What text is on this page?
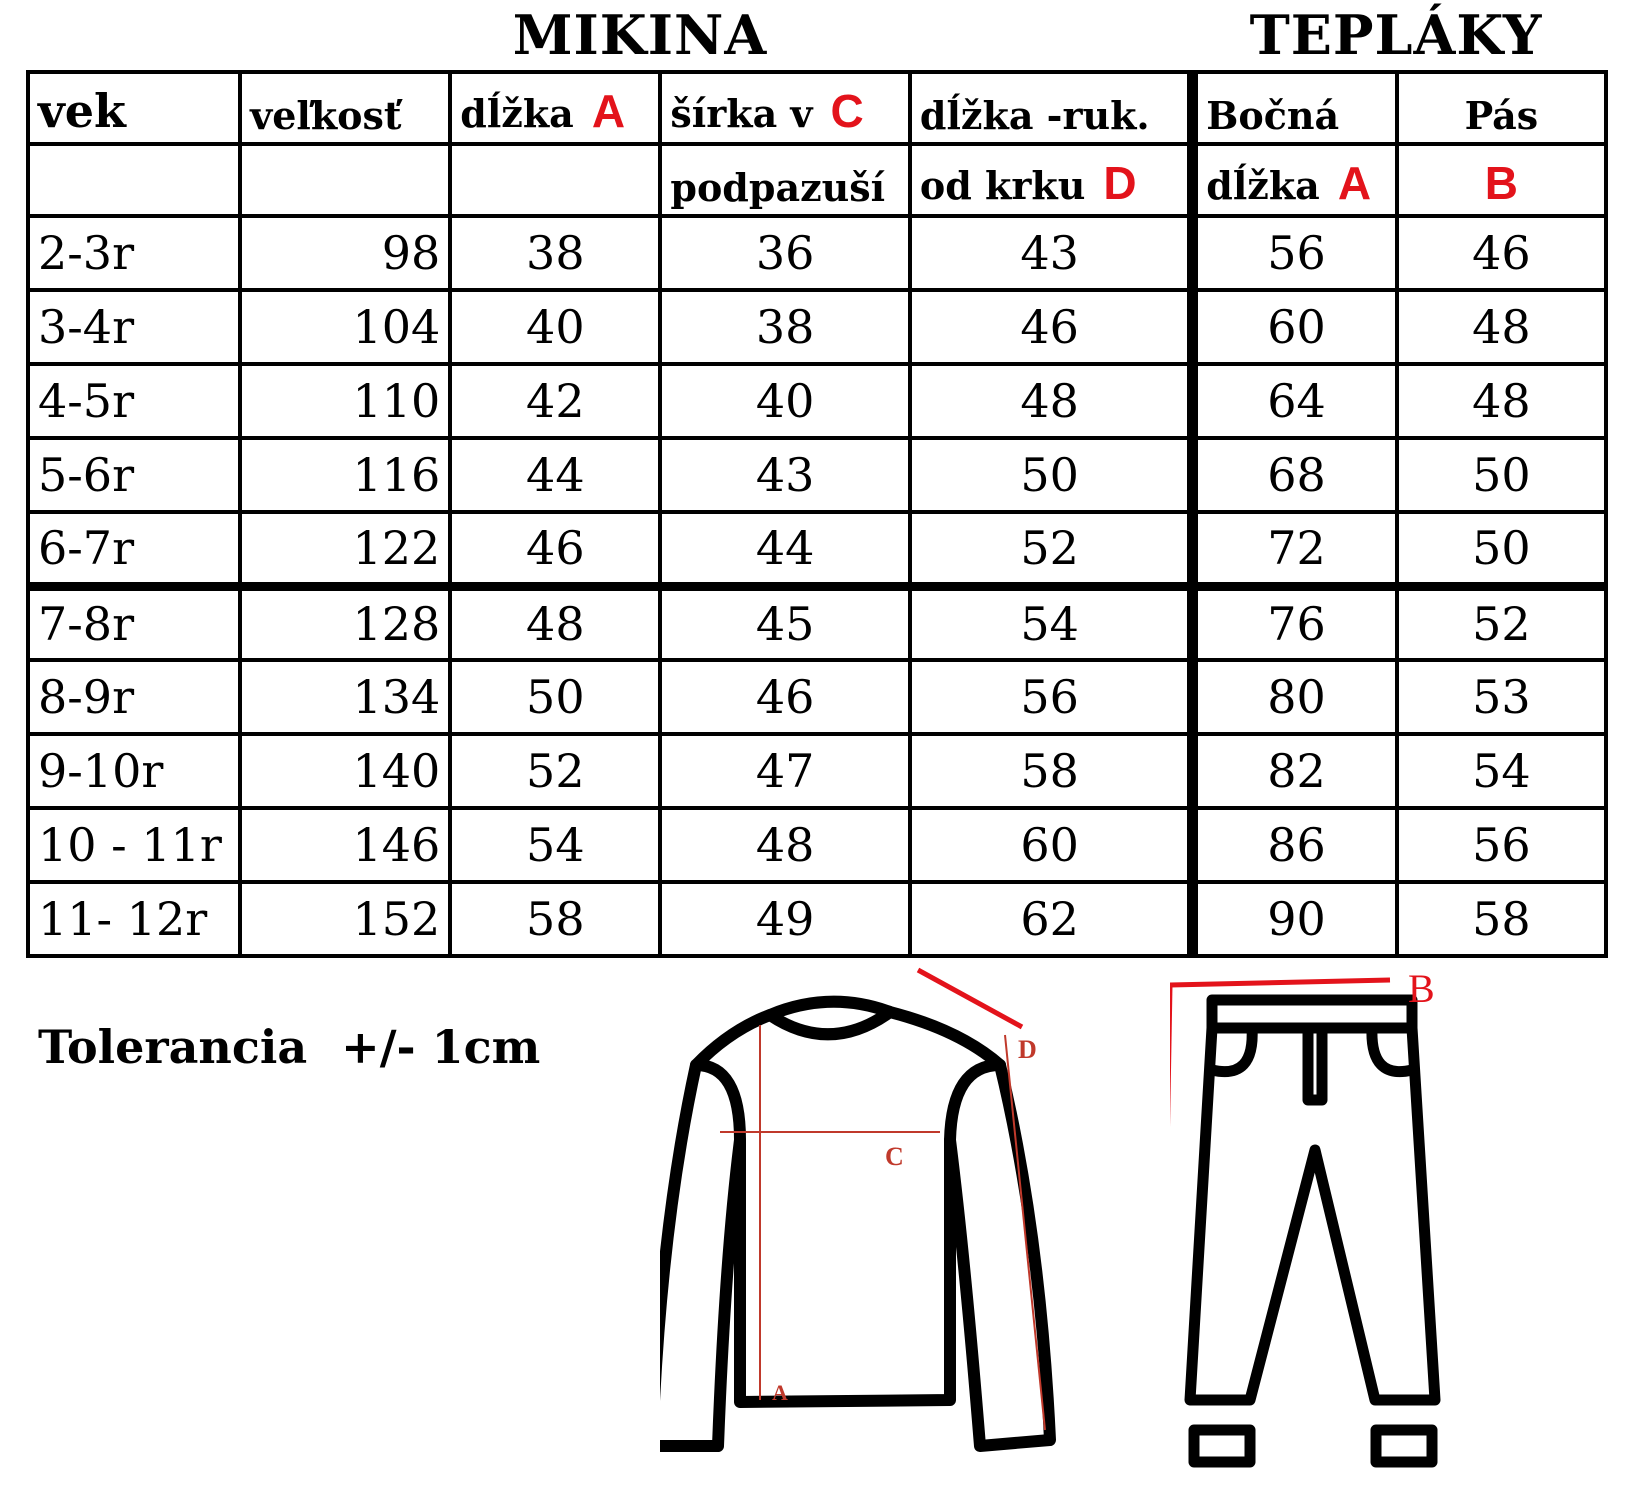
MIKINA	TEPLÁKY
vek	veľkosť	dĺžka A	šírka v C	dĺžka -ruk.	Bočná	Pás
			podpazuší	od krku D	dĺžka A	B
2-3r	98	38	36	43	56	46
3-4r	104	40	38	46	60	48
4-5r	110	42	40	48	64	48
5-6r	116	44	43	50	68	50
6-7r	122	46	44	52	72	50
7-8r	128	48	45	54	76	52
8-9r	134	50	46	56	80	53
9-10r	140	52	47	58	82	54
10 - 11r	146	54	48	60	86	56
11- 12r	152	58	49	62	90	58
Tolerancia +/- 1cm	D
C
A
B
